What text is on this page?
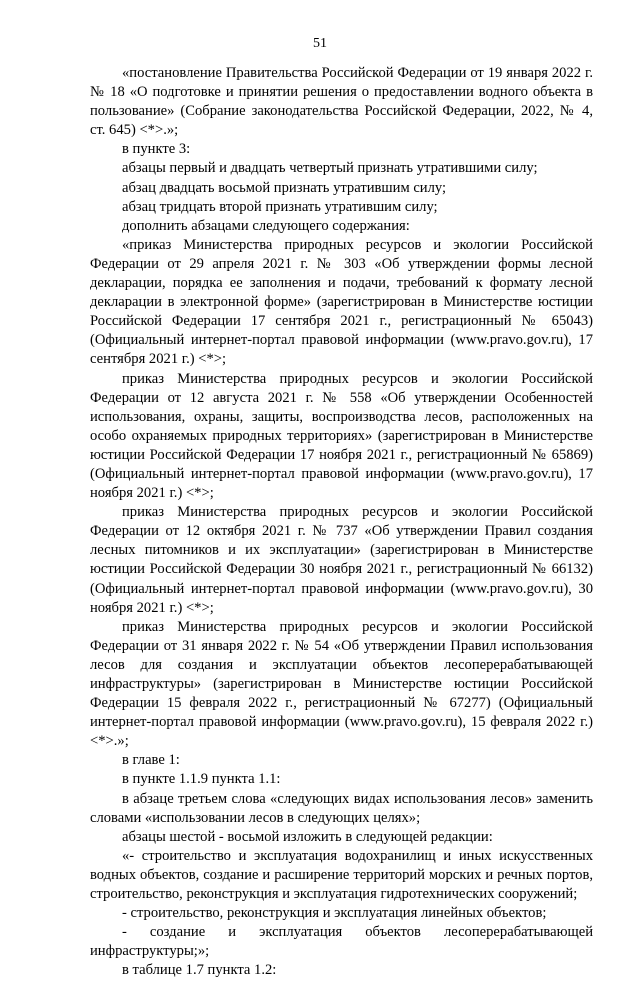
51

«постановление Правительства Российской Федерации от 19 января 2022 г. № 18 «О подготовке и принятии решения о предоставлении водного объекта в пользование» (Собрание законодательства Российской Федерации, 2022, № 4, ст. 645) <*>.»;

в пункте 3:

абзацы первый и двадцать четвертый признать утратившими силу;

абзац двадцать восьмой признать утратившим силу;

абзац тридцать второй признать утратившим силу;

дополнить абзацами следующего содержания:

«приказ Министерства природных ресурсов и экологии Российской Федерации от 29 апреля 2021 г. № 303 «Об утверждении формы лесной декларации, порядка ее заполнения и подачи, требований к формату лесной декларации в электронной форме» (зарегистрирован в Министерстве юстиции Российской Федерации 17 сентября 2021 г., регистрационный № 65043) (Официальный интернет-портал правовой информации (www.pravo.gov.ru), 17 сентября 2021 г.) <*>;

приказ Министерства природных ресурсов и экологии Российской Федерации от 12 августа 2021 г. № 558 «Об утверждении Особенностей использования, охраны, защиты, воспроизводства лесов, расположенных на особо охраняемых природных территориях» (зарегистрирован в Министерстве юстиции Российской Федерации 17 ноября 2021 г., регистрационный № 65869) (Официальный интернет-портал правовой информации (www.pravo.gov.ru), 17 ноября 2021 г.) <*>;

приказ Министерства природных ресурсов и экологии Российской Федерации от 12 октября 2021 г. № 737 «Об утверждении Правил создания лесных питомников и их эксплуатации» (зарегистрирован в Министерстве юстиции Российской Федерации 30 ноября 2021 г., регистрационный № 66132) (Официальный интернет-портал правовой информации (www.pravo.gov.ru), 30 ноября 2021 г.) <*>;

приказ Министерства природных ресурсов и экологии Российской Федерации от 31 января 2022 г. № 54 «Об утверждении Правил использования лесов для создания и эксплуатации объектов лесоперерабатывающей инфраструктуры» (зарегистрирован в Министерстве юстиции Российской Федерации 15 февраля 2022 г., регистрационный № 67277) (Официальный интернет-портал правовой информации (www.pravo.gov.ru), 15 февраля 2022 г.) <*>.»;

в главе 1:

в пункте 1.1.9 пункта 1.1:

в абзаце третьем слова «следующих видах использования лесов» заменить словами «использовании лесов в следующих целях»;

абзацы шестой - восьмой изложить в следующей редакции:

«- строительство и эксплуатация водохранилищ и иных искусственных водных объектов, создание и расширение территорий морских и речных портов, строительство, реконструкция и эксплуатация гидротехнических сооружений;

- строительство, реконструкция и эксплуатация линейных объектов;

- создание и эксплуатация объектов лесоперерабатывающей инфраструктуры;»;

в таблице 1.7 пункта 1.2:
